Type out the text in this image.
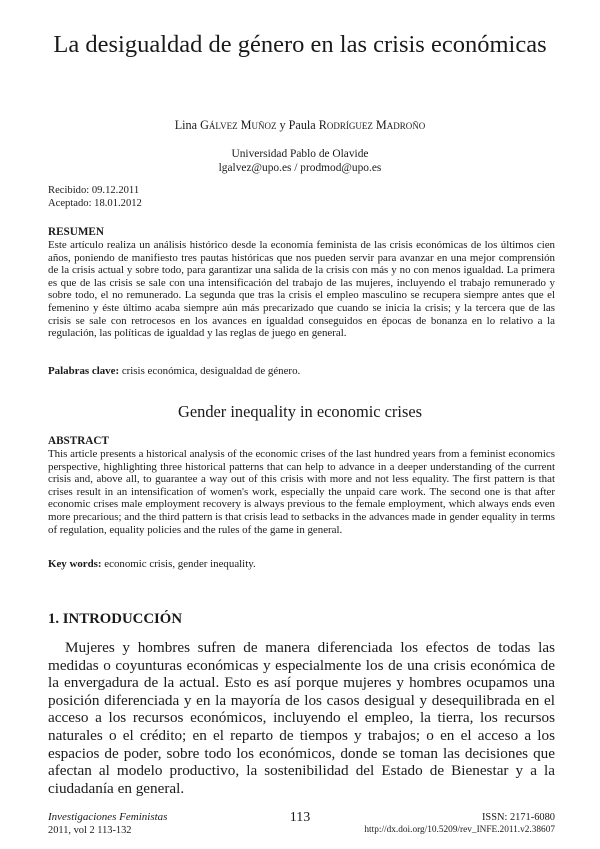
La desigualdad de género en las crisis económicas
Lina Gálvez Muñoz y Paula Rodríguez Madroño
Universidad Pablo de Olavide
lgalvez@upo.es / prodmod@upo.es
Recibido: 09.12.2011
Aceptado: 18.01.2012
RESUMEN

Este artículo realiza un análisis histórico desde la economía feminista de las crisis económicas de los últimos cien años, poniendo de manifiesto tres pautas históricas que nos pueden servir para avanzar en una mejor comprensión de la crisis actual y sobre todo, para garantizar una salida de la crisis con más y no con menos igualdad. La primera es que de las crisis se sale con una intensificación del trabajo de las mujeres, incluyendo el trabajo remunerado y sobre todo, el no remunerado. La segunda que tras la crisis el empleo masculino se recupera siempre antes que el femenino y éste último acaba siempre aún más precarizado que cuando se inicia la crisis; y la tercera que de las crisis se sale con retrocesos en los avances en igualdad conseguidos en épocas de bonanza en lo relativo a la regulación, las políticas de igualdad y las reglas de juego en general.

Palabras clave: crisis económica, desigualdad de género.
Gender inequality in economic crises
ABSTRACT

This article presents a historical analysis of the economic crises of the last hundred years from a feminist economics perspective, highlighting three historical patterns that can help to advance in a deeper understanding of the current crisis and, above all, to guarantee a way out of this crisis with more and not less equality. The first pattern is that crises result in an intensification of women's work, especially the unpaid care work. The second one is that after economic crises male employment recovery is always previous to the female employment, which always ends even more precarious; and the third pattern is that crisis lead to setbacks in the advances made in gender equality in terms of regulation, equality policies and the rules of the game in general.

Key words: economic crisis, gender inequality.
1. INTRODUCCIÓN

Mujeres y hombres sufren de manera diferenciada los efectos de todas las medidas o coyunturas económicas y especialmente los de una crisis económica de la envergadura de la actual. Esto es así porque mujeres y hombres ocupamos una posición diferenciada y en la mayoría de los casos desigual y desequilibrada en el acceso a los recursos económicos, incluyendo el empleo, la tierra, los recursos naturales o el crédito; en el reparto de tiempos y trabajos; o en el acceso a los espacios de poder, sobre todo los económicos, donde se toman las decisiones que afectan al modelo productivo, la sostenibilidad del Estado de Bienestar y a la ciudadanía en general.

Investigaciones Feministas
2011, vol 2 113-132
113	ISSN: 2171-6080
http://dx.doi.org/10.5209/rev_INFE.2011.v2.38607
